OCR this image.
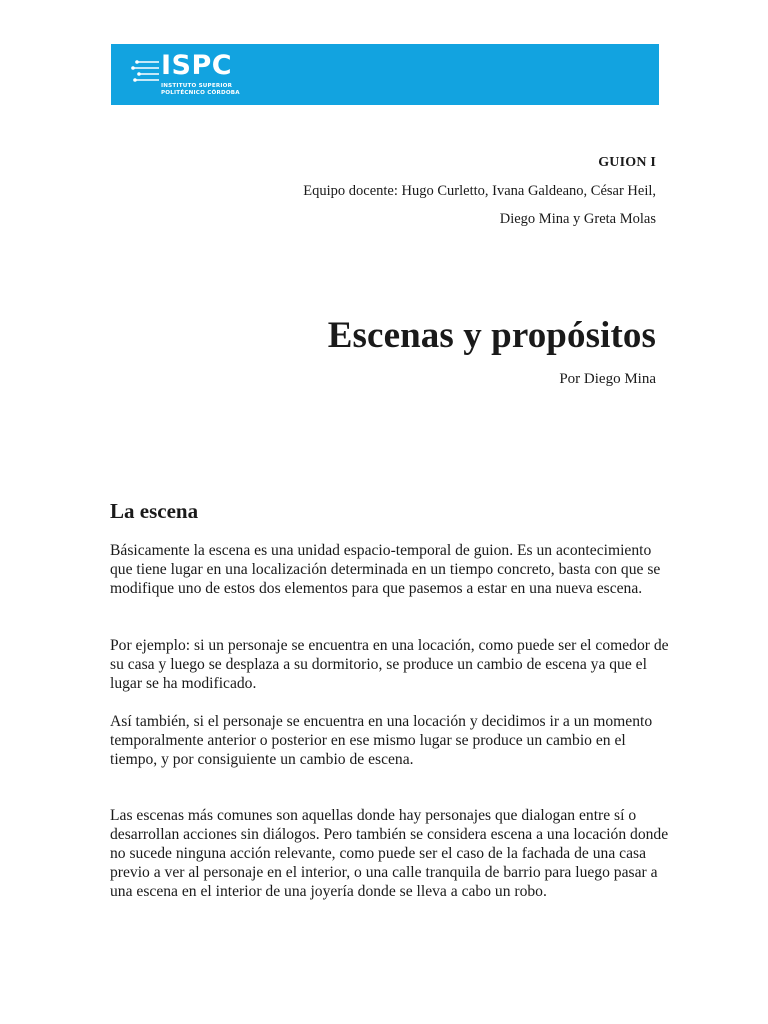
ISPC
INSTITUTO SUPERIOR
POLITÉCNICO CÓRDOBA
GUION I
Equipo docente: Hugo Curletto, Ivana Galdeano, César Heil,
Diego Mina y Greta Molas
Escenas y propósitos
Por Diego Mina
La escena

Básicamente la escena es una unidad espacio-temporal de guion. Es un acontecimiento que tiene lugar en una localización determinada en un tiempo concreto, basta con que se modifique uno de estos dos elementos para que pasemos a estar en una nueva escena.

Por ejemplo: si un personaje se encuentra en una locación, como puede ser el comedor de su casa y luego se desplaza a su dormitorio, se produce un cambio de escena ya que el lugar se ha modificado.

Así también, si el personaje se encuentra en una locación y decidimos ir a un momento temporalmente anterior o posterior en ese mismo lugar se produce un cambio en el tiempo, y por consiguiente un cambio de escena.

Las escenas más comunes son aquellas donde hay personajes que dialogan entre sí o desarrollan acciones sin diálogos. Pero también se considera escena a una locación donde no sucede ninguna acción relevante, como puede ser el caso de la fachada de una casa previo a ver al personaje en el interior, o una calle tranquila de barrio para luego pasar a una escena en el interior de una joyería donde se lleva a cabo un robo.
